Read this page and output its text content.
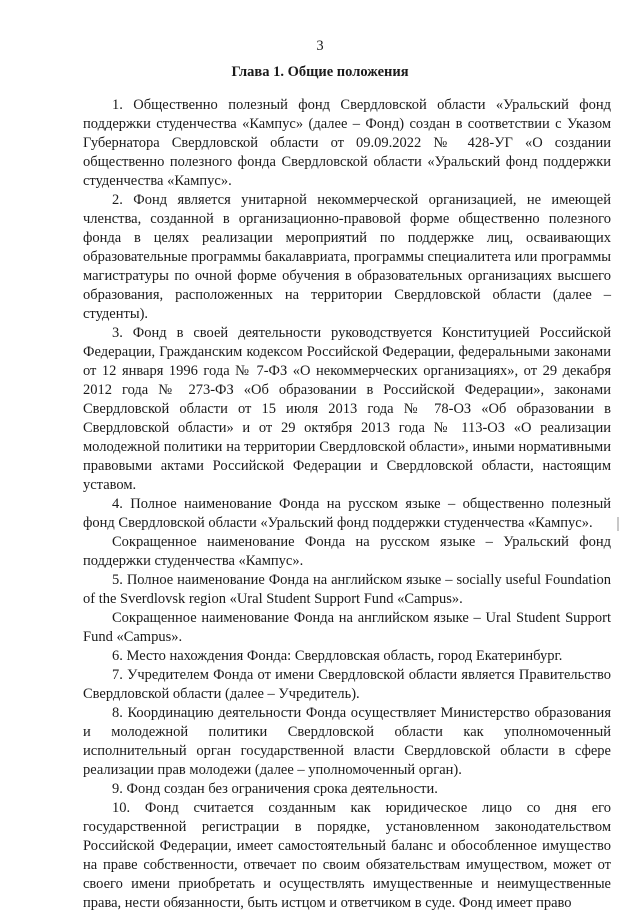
3
Глава 1. Общие положения

1. Общественно полезный фонд Свердловской области «Уральский фонд поддержки студенчества «Кампус» (далее – Фонд) создан в соответствии с Указом Губернатора Свердловской области от 09.09.2022 № 428-УГ «О создании общественно полезного фонда Свердловской области «Уральский фонд поддержки студенчества «Кампус».

2. Фонд является унитарной некоммерческой организацией, не имеющей членства, созданной в организационно-правовой форме общественно полезного фонда в целях реализации мероприятий по поддержке лиц, осваивающих образовательные программы бакалавриата, программы специалитета или программы магистратуры по очной форме обучения в образовательных организациях высшего образования, расположенных на территории Свердловской области (далее – студенты).

3. Фонд в своей деятельности руководствуется Конституцией Российской Федерации, Гражданским кодексом Российской Федерации, федеральными законами от 12 января 1996 года № 7-ФЗ «О некоммерческих организациях», от 29 декабря 2012 года № 273-ФЗ «Об образовании в Российской Федерации», законами Свердловской области от 15 июля 2013 года № 78-ОЗ «Об образовании в Свердловской области» и от 29 октября 2013 года № 113-ОЗ «О реализации молодежной политики на территории Свердловской области», иными нормативными правовыми актами Российской Федерации и Свердловской области, настоящим уставом.

4. Полное наименование Фонда на русском языке – общественно полезный фонд Свердловской области «Уральский фонд поддержки студенчества «Кампус».

Сокращенное наименование Фонда на русском языке – Уральский фонд поддержки студенчества «Кампус».

5. Полное наименование Фонда на английском языке – socially useful Foundation of the Sverdlovsk region «Ural Student Support Fund «Campus».

Сокращенное наименование Фонда на английском языке – Ural Student Support Fund «Campus».

6. Место нахождения Фонда: Свердловская область, город Екатеринбург.

7. Учредителем Фонда от имени Свердловской области является Правительство Свердловской области (далее – Учредитель).

8. Координацию деятельности Фонда осуществляет Министерство образования и молодежной политики Свердловской области как уполномоченный исполнительный орган государственной власти Свердловской области в сфере реализации прав молодежи (далее – уполномоченный орган).

9. Фонд создан без ограничения срока деятельности.

10. Фонд считается созданным как юридическое лицо со дня его государственной регистрации в порядке, установленном законодательством Российской Федерации, имеет самостоятельный баланс и обособленное имущество на праве собственности, отвечает по своим обязательствам имуществом, может от своего имени приобретать и осуществлять имущественные и неимущественные права, нести обязанности, быть истцом и ответчиком в суде. Фонд имеет право
